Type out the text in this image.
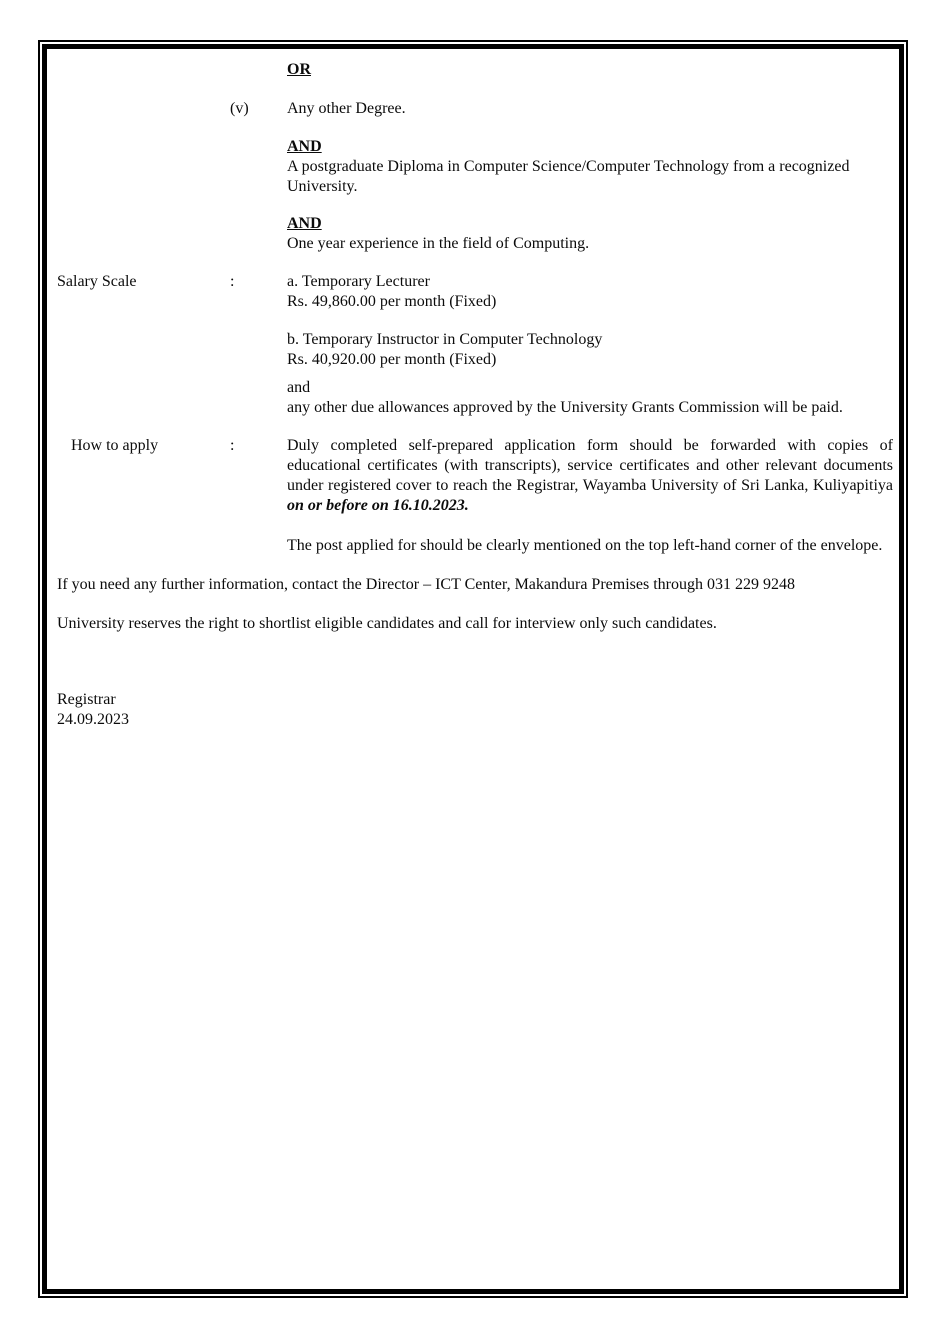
OR
(v)	Any other Degree.
AND
A postgraduate Diploma in Computer Science/Computer Technology from a recognized University.
AND
One year experience in the field of Computing.
Salary Scale	:	a. Temporary Lecturer
Rs. 49,860.00 per month (Fixed)
b. Temporary Instructor in Computer Technology
Rs. 40,920.00 per month (Fixed)
and
any other due allowances approved by the University Grants Commission will be paid.
How to apply	:	Duly completed self-prepared application form should be forwarded with copies of educational certificates (with transcripts), service certificates and other relevant documents under registered cover to reach the Registrar, Wayamba University of Sri Lanka, Kuliyapitiya on or before on 16.10.2023.
The post applied for should be clearly mentioned on the top left-hand corner of the envelope.
If you need any further information, contact the Director – ICT Center, Makandura Premises through 031 229 9248
University reserves the right to shortlist eligible candidates and call for interview only such candidates.
Registrar
24.09.2023
